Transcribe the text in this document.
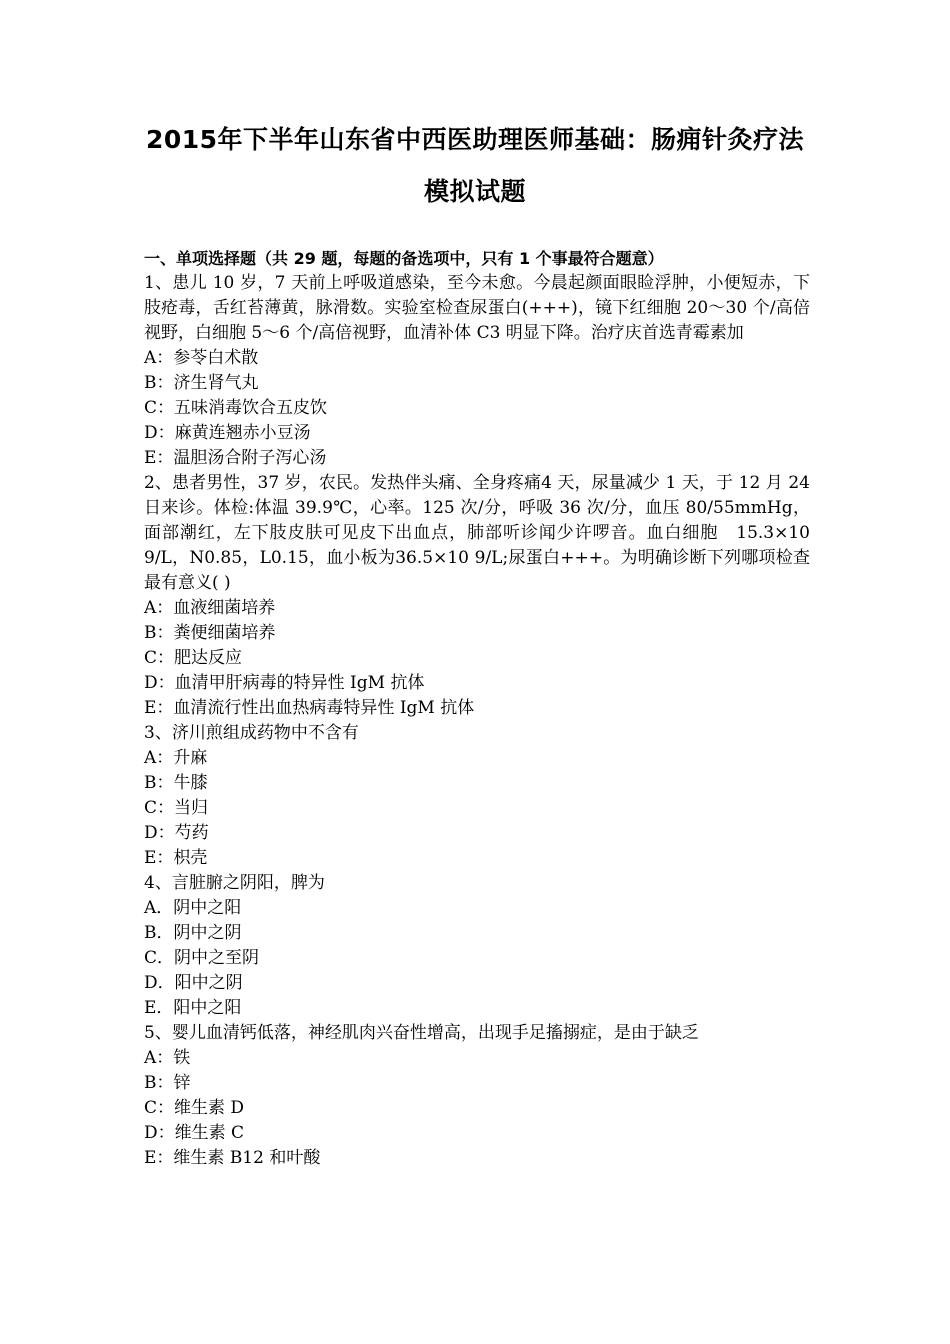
2015年下半年山东省中西医助理医师基础：肠痈针灸疗法
模拟试题
一、单项选择题（共 29 题，每题的备选项中，只有 1 个事最符合题意）
1、患儿 10 岁，7 天前上呼吸道感染，至今未愈。今晨起颜面眼睑浮肿，小便短赤，下肢疮毒，舌红苔薄黄，脉滑数。实验室检查尿蛋白(+++)，镜下红细胞 20～30 个/高倍视野，白细胞 5～6 个/高倍视野，血清补体 C3 明显下降。治疗庆首选青霉素加
A：参苓白术散
B：济生肾气丸
C：五味消毒饮合五皮饮
D：麻黄连翘赤小豆汤
E：温胆汤合附子泻心汤
2、患者男性，37 岁，农民。发热伴头痛、全身疼痛4 天，尿量减少 1 天，于 12 月 24 日来诊。体检:体温 39.9℃，心率。125 次/分，呼吸 36 次/分，血压 80/55mmHg，面部潮红，左下肢皮肤可见皮下出血点，肺部听诊闻少许啰音。血白细胞　15.3×10 9/L，N0.85，L0.15，血小板为36.5×10 9/L;尿蛋白+++。为明确诊断下列哪项检查最有意义( )
A：血液细菌培养
B：粪便细菌培养
C：肥达反应
D：血清甲肝病毒的特异性 IgM 抗体
E：血清流行性出血热病毒特异性 IgM 抗体
3、济川煎组成药物中不含有
A：升麻
B：牛膝
C：当归
D：芍药
E：枳壳
4、言脏腑之阴阳，脾为
A．阴中之阳
B．阴中之阴
C．阴中之至阴
D．阳中之阴
E．阳中之阳
5、婴儿血清钙低落，神经肌肉兴奋性增高，出现手足搐搦症，是由于缺乏
A：铁
B：锌
C：维生素 D
D：维生素 C
E：维生素 B12 和叶酸
